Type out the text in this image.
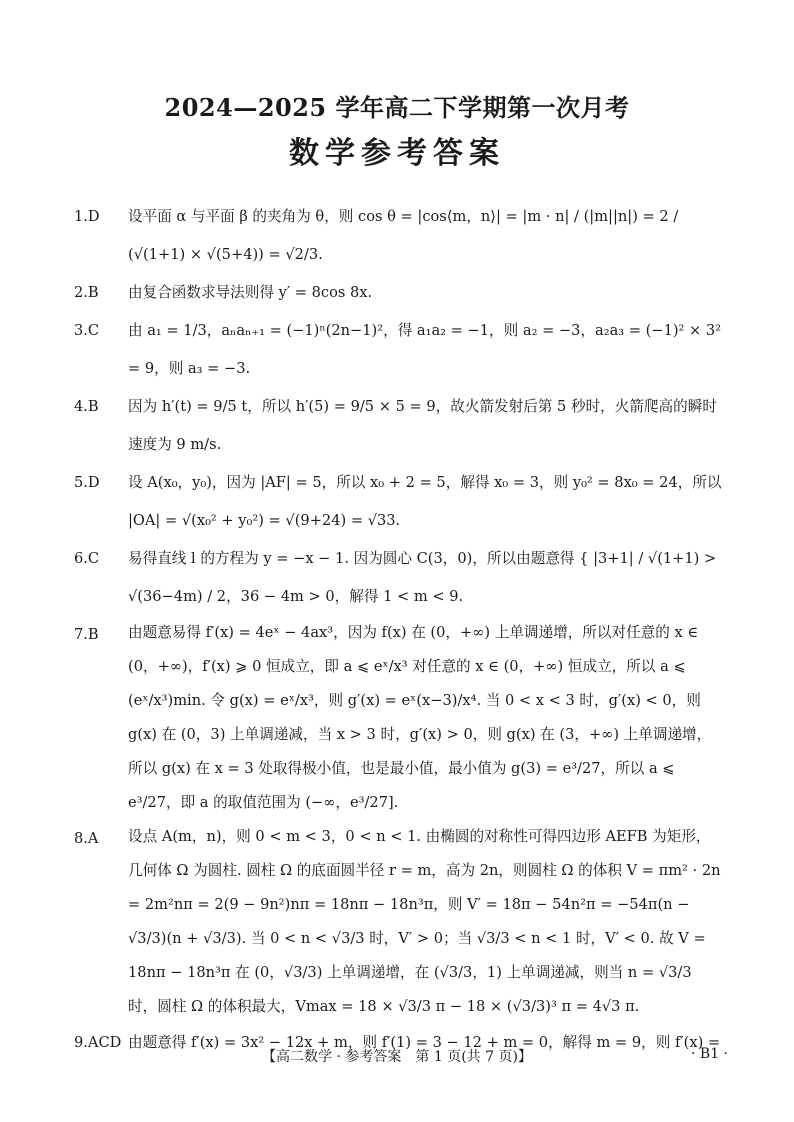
2024—2025 学年高二下学期第一次月考
数学参考答案
1.D	设平面 α 与平面 β 的夹角为 θ，则 cos θ = |cos⟨m，n⟩| = |m · n| / (|m||n|) = 2 / (√(1+1) × √(5+4)) = √2/3.
2.B	由复合函数求导法则得 y′ = 8cos 8x.
3.C	由 a₁ = 1/3，aₙaₙ₊₁ = (−1)ⁿ(2n−1)²，得 a₁a₂ = −1，则 a₂ = −3，a₂a₃ = (−1)² × 3² = 9，则 a₃ = −3.
4.B	因为 h′(t) = 9/5 t，所以 h′(5) = 9/5 × 5 = 9，故火箭发射后第 5 秒时，火箭爬高的瞬时速度为 9 m/s.
5.D	设 A(x₀，y₀)，因为 |AF| = 5，所以 x₀ + 2 = 5，解得 x₀ = 3，则 y₀² = 8x₀ = 24，所以 |OA| = √(x₀² + y₀²) = √(9+24) = √33.
6.C	易得直线 l 的方程为 y = −x − 1. 因为圆心 C(3，0)，所以由题意得 { |3+1| / √(1+1) > √(36−4m) / 2，36 − 4m > 0，解得 1 < m < 9.
7.B	由题意易得 f′(x) = 4eˣ − 4ax³，因为 f(x) 在 (0，+∞) 上单调递增，所以对任意的 x ∈ (0，+∞)，f′(x) ⩾ 0 恒成立，即 a ⩽ eˣ/x³ 对任意的 x ∈ (0，+∞) 恒成立，所以 a ⩽ (eˣ/x³)min. 令 g(x) = eˣ/x³，则 g′(x) = eˣ(x−3)/x⁴. 当 0 < x < 3 时，g′(x) < 0，则 g(x) 在 (0，3) 上单调递减，当 x > 3 时，g′(x) > 0，则 g(x) 在 (3，+∞) 上单调递增，所以 g(x) 在 x = 3 处取得极小值，也是最小值，最小值为 g(3) = e³/27，所以 a ⩽ e³/27，即 a 的取值范围为 (−∞，e³/27].
8.A	设点 A(m，n)，则 0 < m < 3，0 < n < 1. 由椭圆的对称性可得四边形 AEFB 为矩形，几何体 Ω 为圆柱. 圆柱 Ω 的底面圆半径 r = m，高为 2n，则圆柱 Ω 的体积 V = πm² · 2n = 2m²nπ = 2(9 − 9n²)nπ = 18nπ − 18n³π，则 V′ = 18π − 54n²π = −54π(n − √3/3)(n + √3/3). 当 0 < n < √3/3 时，V′ > 0；当 √3/3 < n < 1 时，V′ < 0. 故 V = 18nπ − 18n³π 在 (0，√3/3) 上单调递增，在 (√3/3，1) 上单调递减，则当 n = √3/3 时，圆柱 Ω 的体积最大，Vmax = 18 × √3/3 π − 18 × (√3/3)³ π = 4√3 π.
9.ACD 由题意得 f′(x) = 3x² − 12x + m，则 f′(1) = 3 − 12 + m = 0，解得 m = 9，则 f′(x) =
【高二数学 · 参考答案　第 1 页(共 7 页)】	· B1 ·
